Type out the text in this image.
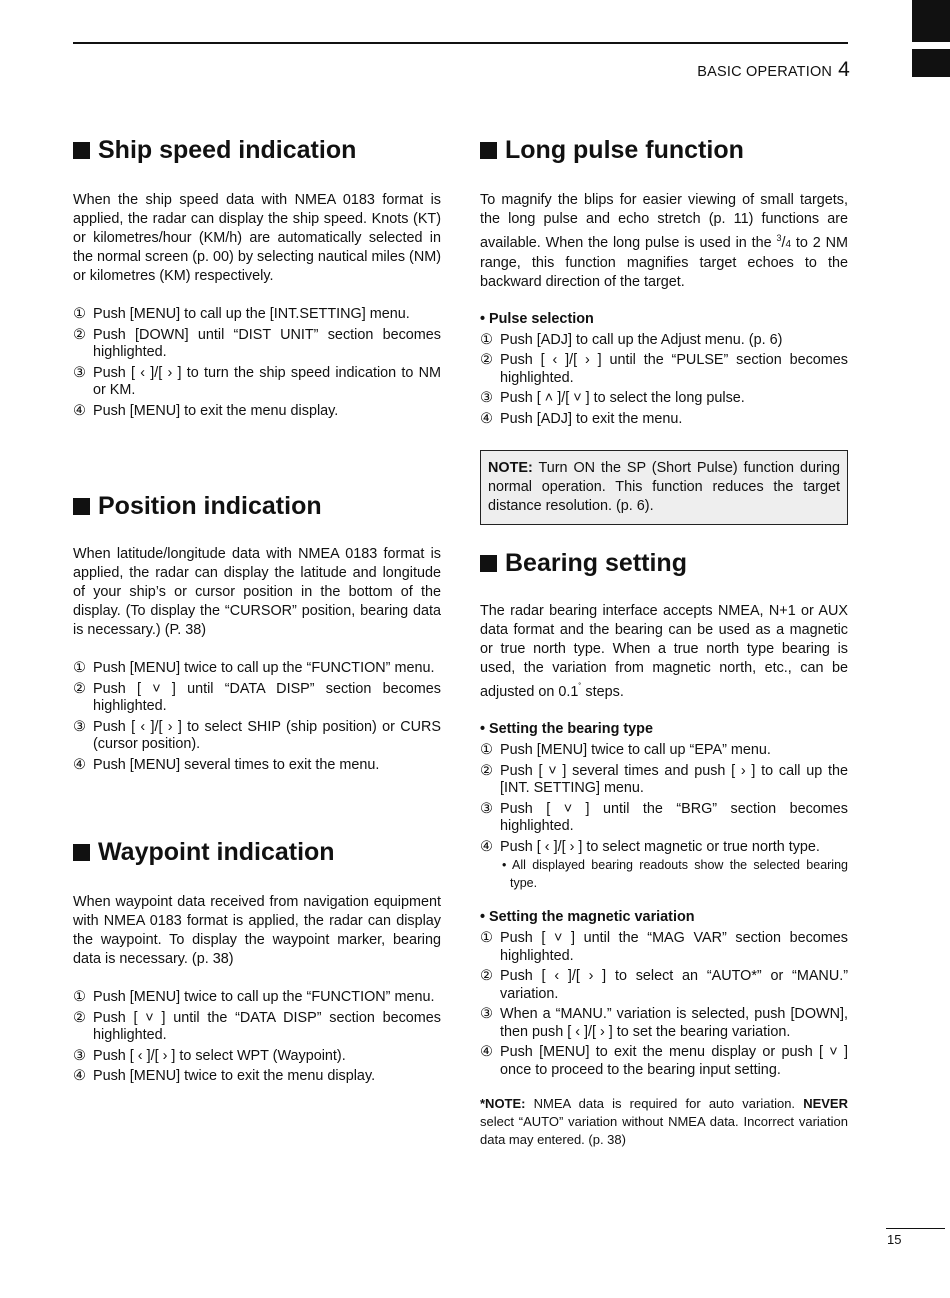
BASIC OPERATION 4
Ship speed indication

When the ship speed data with NMEA 0183 format is applied, the radar can display the ship speed. Knots (KT) or kilometres/hour (KM/h) are automatically selected in the normal screen (p. 00) by selecting nautical miles (NM) or kilometres (KM) respectively.

① Push [MENU] to call up the [INT.SETTING] menu.
② Push [DOWN] until “DIST UNIT” section becomes highlighted.
③ Push [ ‹ ]/[ › ] to turn the ship speed indication to NM or KM.
④ Push [MENU] to exit the menu display.
Position indication

When latitude/longitude data with NMEA 0183 format is applied, the radar can display the latitude and longitude of your ship’s or cursor position in the bottom of the display. (To display the “CURSOR” position, bearing data is necessary.) (P. 38)

① Push [MENU] twice to call up the “FUNCTION” menu.
② Push [ ˅ ] until “DATA DISP” section becomes highlighted.
③ Push [ ‹ ]/[ › ] to select SHIP (ship position) or CURS (cursor position).
④ Push [MENU] several times to exit the menu.
Waypoint indication

When waypoint data received from navigation equipment with NMEA 0183 format is applied, the radar can display the waypoint. To display the waypoint marker, bearing data is necessary. (p. 38)

① Push [MENU] twice to call up the “FUNCTION” menu.
② Push [ ˅ ] until the “DATA DISP” section becomes highlighted.
③ Push [ ‹ ]/[ › ] to select WPT (Waypoint).
④ Push [MENU] twice to exit the menu display.
Long pulse function

To magnify the blips for easier viewing of small targets, the long pulse and echo stretch (p. 11) functions are available. When the long pulse is used in the $^3$/4 to 2 NM range, this function magnifies target echoes to the backward direction of the target.

• Pulse selection

① Push [ADJ] to call up the Adjust menu. (p. 6)
② Push [ ‹ ]/[ › ] until the “PULSE” section becomes highlighted.
③ Push [ ˄ ]/[ ˅ ] to select the long pulse.
④ Push [ADJ] to exit the menu.
NOTE: Turn ON the SP (Short Pulse) function during normal operation. This function reduces the target distance resolution. (p. 6).
Bearing setting

The radar bearing interface accepts NMEA, N+1 or AUX data format and the bearing can be used as a magnetic or true north type. When a true north type bearing is used, the variation from magnetic north, etc., can be adjusted on 0.1˚ steps.

• Setting the bearing type

① Push [MENU] twice to call up “EPA” menu.
② Push [ ˅ ] several times and push [ › ] to call up the [INT. SETTING] menu.
③ Push [ ˅ ] until the “BRG” section becomes highlighted.
④ Push [ ‹ ]/[ › ] to select magnetic or true north type.

• All displayed bearing readouts show the selected bearing type.

• Setting the magnetic variation

① Push [ ˅ ] until the “MAG VAR” section becomes highlighted.
② Push [ ‹ ]/[ › ] to select an “AUTO*” or “MANU.” variation.
③ When a “MANU.” variation is selected, push [DOWN], then push [ ‹ ]/[ › ] to set the bearing variation.
④ Push [MENU] to exit the menu display or push [ ˅ ] once to proceed to the bearing input setting.

*NOTE: NMEA data is required for auto variation. NEVER select “AUTO” variation without NMEA data. Incorrect variation data may entered. (p. 38)

15
